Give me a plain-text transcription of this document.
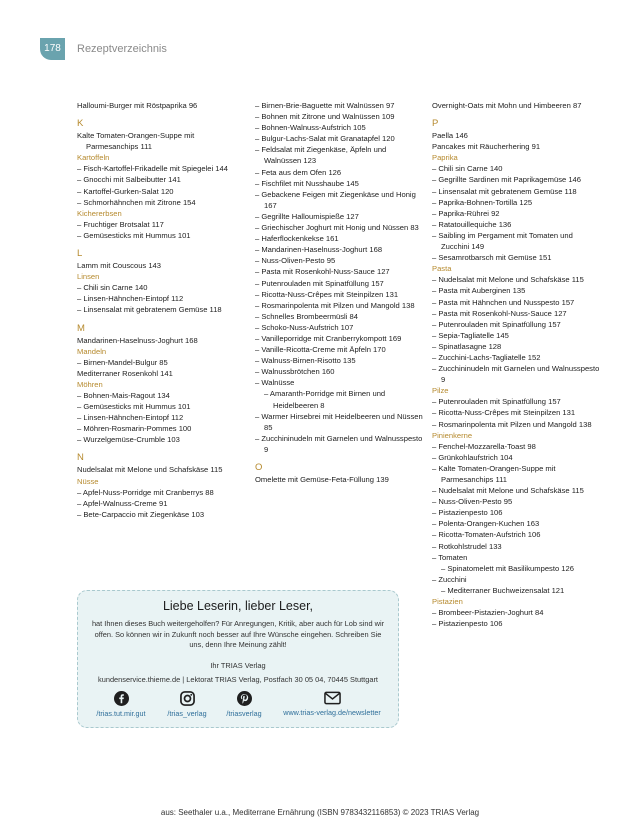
178	Rezeptverzeichnis
Halloumi-Burger mit Röstpaprika 96
K
Kalte Tomaten-Orangen-Suppe mit Parmesanchips 111
Kartoffeln
– Fisch-Kartoffel-Frikadelle mit Spiegelei 144
– Gnocchi mit Salbeibutter 141
– Kartoffel-Gurken-Salat 120
– Schmorhähnchen mit Zitrone 154
Kichererbsen
– Fruchtiger Brotsalat 117
– Gemüsesticks mit Hummus 101
L
Lamm mit Couscous 143
Linsen
– Chili sin Carne 140
– Linsen-Hähnchen-Eintopf 112
– Linsensalat mit gebratenem Gemüse 118
M
Mandarinen-Haselnuss-Joghurt 168
Mandeln
– Birnen-Mandel-Bulgur 85
Mediterraner Rosenkohl 141
Möhren
– Bohnen-Mais-Ragout 134
– Gemüsesticks mit Hummus 101
– Linsen-Hähnchen-Eintopf 112
– Möhren-Rosmarin-Pommes 100
– Wurzelgemüse-Crumble 103
N
Nudelsalat mit Melone und Schafskäse 115
Nüsse
– Apfel-Nuss-Porridge mit Cranberrys 88
– Apfel-Walnuss-Creme 91
– Bete-Carpaccio mit Ziegenkäse 103
– Birnen-Brie-Baguette mit Walnüssen 97
– Bohnen mit Zitrone und Walnüssen 109
– Bohnen-Walnuss-Aufstrich 105
– Bulgur-Lachs-Salat mit Granatapfel 120
– Feldsalat mit Ziegenkäse, Äpfeln und Walnüssen 123
– Feta aus dem Ofen 126
– Fischfilet mit Nusshaube 145
– Gebackene Feigen mit Ziegenkäse und Honig 167
– Gegrillte Halloumispieße 127
– Griechischer Joghurt mit Honig und Nüssen 83
– Haferflockenkekse 161
– Mandarinen-Haselnuss-Joghurt 168
– Nuss-Oliven-Pesto 95
– Pasta mit Rosenkohl-Nuss-Sauce 127
– Putenrouladen mit Spinatfüllung 157
– Ricotta-Nuss-Crêpes mit Steinpilzen 131
– Rosmarinpolenta mit Pilzen und Mangold 138
– Schnelles Brombeermüsli 84
– Schoko-Nuss-Aufstrich 107
– Vanilleporridge mit Cranberrykompott 169
– Vanille-Ricotta-Creme mit Äpfeln 170
– Walnuss-Birnen-Risotto 135
– Walnussbrötchen 160
– Walnüsse
– Amaranth-Porridge mit Birnen und Heidelbeeren 8
– Warmer Hirsebrei mit Heidelbeeren und Nüssen 85
– Zucchininudeln mit Garnelen und Walnusspesto 9
O
Omelette mit Gemüse-Feta-Füllung 139
Overnight-Oats mit Mohn und Himbeeren 87
P
Paella 146
Pancakes mit Räucherhering 91
Paprika
– Chili sin Carne 140
– Gegrillte Sardinen mit Paprikagemüse 146
– Linsensalat mit gebratenem Gemüse 118
– Paprika-Bohnen-Tortilla 125
– Paprika-Rührei 92
– Ratatouillequiche 136
– Saibling im Pergament mit Tomaten und Zucchini 149
– Sesamrotbarsch mit Gemüse 151
Pasta
– Nudelsalat mit Melone und Schafskäse 115
– Pasta mit Auberginen 135
– Pasta mit Hähnchen und Nusspesto 157
– Pasta mit Rosenkohl-Nuss-Sauce 127
– Putenrouladen mit Spinatfüllung 157
– Sepia-Tagliatelle 145
– Spinatlasagne 128
– Zucchini-Lachs-Tagliatelle 152
– Zucchininudeln mit Garnelen und Walnusspesto 9
Pilze
– Putenrouladen mit Spinatfüllung 157
– Ricotta-Nuss-Crêpes mit Steinpilzen 131
– Rosmarinpolenta mit Pilzen und Mangold 138
Pinienkerne
– Fenchel-Mozzarella-Toast 98
– Grünkohlaufstrich 104
– Kalte Tomaten-Orangen-Suppe mit Parmesanchips 111
– Nudelsalat mit Melone und Schafskäse 115
– Nuss-Oliven-Pesto 95
– Pistazienpesto 106
– Polenta-Orangen-Kuchen 163
– Ricotta-Tomaten-Aufstrich 106
– Rotkohlstrudel 133
– Tomaten
– Spinatomelett mit Basilikumpesto 126
– Zucchini
– Mediterraner Buchweizensalat 121
Pistazien
– Brombeer-Pistazien-Joghurt 84
– Pistazienpesto 106
Liebe Leserin, lieber Leser,
hat Ihnen dieses Buch weitergeholfen? Für Anregungen, Kritik, aber auch für Lob sind wir offen. So können wir in Zukunft noch besser auf Ihre Wünsche eingehen. Schreiben Sie uns, denn Ihre Meinung zählt!
Ihr TRIAS Verlag
kundenservice.thieme.de | Lektorat TRIAS Verlag, Postfach 30 05 04, 70445 Stuttgart
/trias.tut.mir.gut	/trias_verlag	/triasverlag	www.trias-verlag.de/newsletter
aus: Seethaler u.a., Mediterrane Ernährung (ISBN 9783432116853) © 2023 TRIAS Verlag
